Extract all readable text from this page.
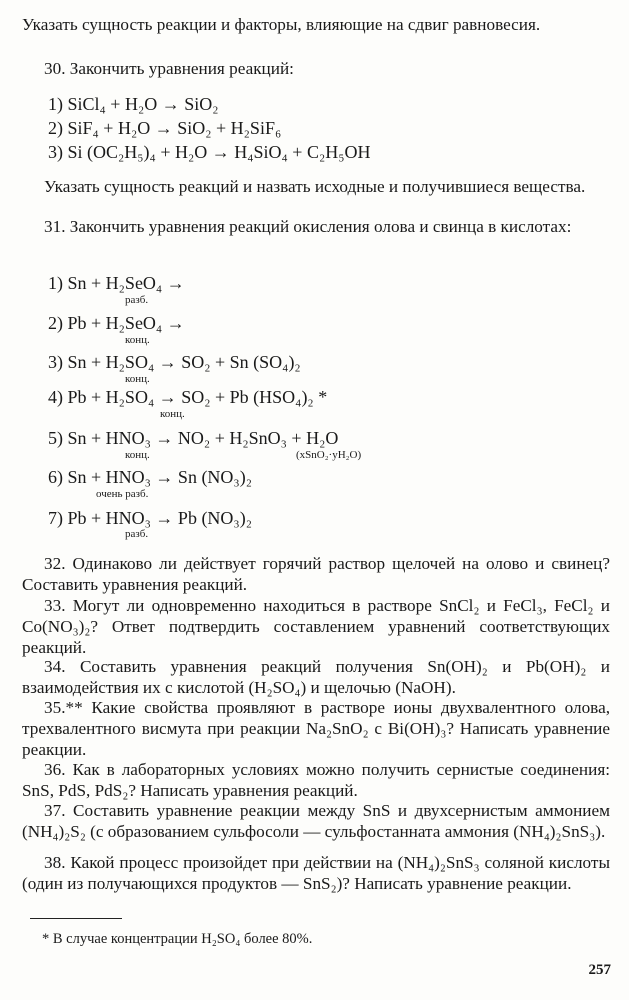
Указать сущность реакции и факторы, влияющие на сдвиг равновесия.
30. Закончить уравнения реакций:
1) SiCl₄ + H₂O → SiO₂
2) SiF₄ + H₂O → SiO₂ + H₂SiF₆
3) Si (OC₂H₅)₄ + H₂O → H₄SiO₄ + C₂H₅OH
Указать сущность реакций и назвать исходные и получившиеся вещества.
31. Закончить уравнения реакций окисления олова и свинца в кислотах:
1) Sn + H₂SeO₄ →
разб.
2) Pb + H₂SeO₄ →
конц.
3) Sn + H₂SO₄ → SO₂ + Sn (SO₄)₂
конц.
4) Pb + H₂SO₄ → SO₂ + Pb (HSO₄)₂ *
конц.
5) Sn + HNO₃ → NO₂ + H₂SnO₃ + H₂O
конц.	(xSnO₂·yH₂O)
6) Sn + HNO₃ → Sn (NO₃)₂
очень разб.
7) Pb + HNO₃ → Pb (NO₃)₂
разб.
32. Одинаково ли действует горячий раствор щелочей на олово и свинец? Составить уравнения реакций.
33. Могут ли одновременно находиться в растворе SnCl₂ и FeCl₃, FeCl₂ и Co(NO₃)₂? Ответ подтвердить составлением уравнений соответствующих реакций.
34. Составить уравнения реакций получения Sn(OH)₂ и Pb(OH)₂ и взаимодействия их с кислотой (H₂SO₄) и щелочью (NaOH).
35.** Какие свойства проявляют в растворе ионы двухвалентного олова, трехвалентного висмута при реакции Na₂SnO₂ с Bi(OH)₃? Написать уравнение реакции.
36. Как в лабораторных условиях можно получить сернистые соединения: SnS, PdS, PdS₂? Написать уравнения реакций.
37. Составить уравнение реакции между SnS и двухсернистым аммонием (NH₄)₂S₂ (с образованием сульфосоли — сульфостанната аммония (NH₄)₂SnS₃).
38. Какой процесс произойдет при действии на (NH₄)₂SnS₃ соляной кислоты (один из получающихся продуктов — SnS₂)? Написать уравнение реакции.
* В случае концентрации H₂SO₄ более 80%.
257
